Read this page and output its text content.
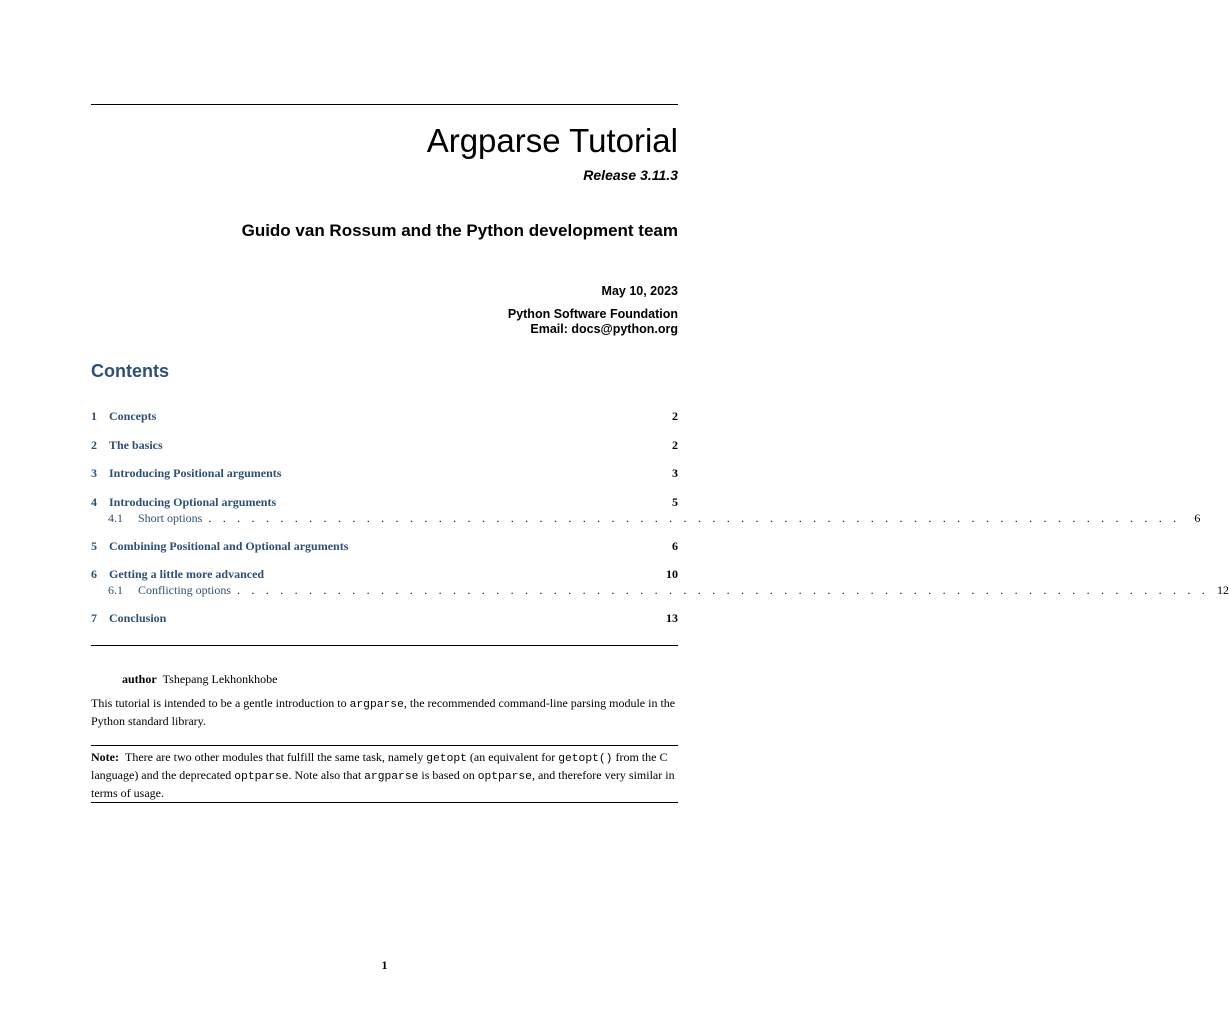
Argparse Tutorial
Release 3.11.3
Guido van Rossum and the Python development team
May 10, 2023
Python Software Foundation
Email: docs@python.org
Contents
1	Concepts	2
2	The basics	2
3	Introducing Positional arguments	3
4	Introducing Optional arguments	5
4.1	Short options . . . . . . . . . . . . . . . . . . . . . . . . . . . . . . . . . . . . . . . . . . . . . . . . . . . . . . . . . . . . . . . . . . . .	6
5	Combining Positional and Optional arguments	6
6	Getting a little more advanced	10
6.1	Conflicting options . . . . . . . . . . . . . . . . . . . . . . . . . . . . . . . . . . . . . . . . . . . . . . . . . . . . . . . . . . . . . . . . . . . . 12
7	Conclusion	13
author Tshepang Lekhonkhobe
This tutorial is intended to be a gentle introduction to argparse, the recommended command-line parsing module in the Python standard library.
Note: There are two other modules that fulfill the same task, namely getopt (an equivalent for getopt() from the C language) and the deprecated optparse. Note also that argparse is based on optparse, and therefore very similar in terms of usage.
1
